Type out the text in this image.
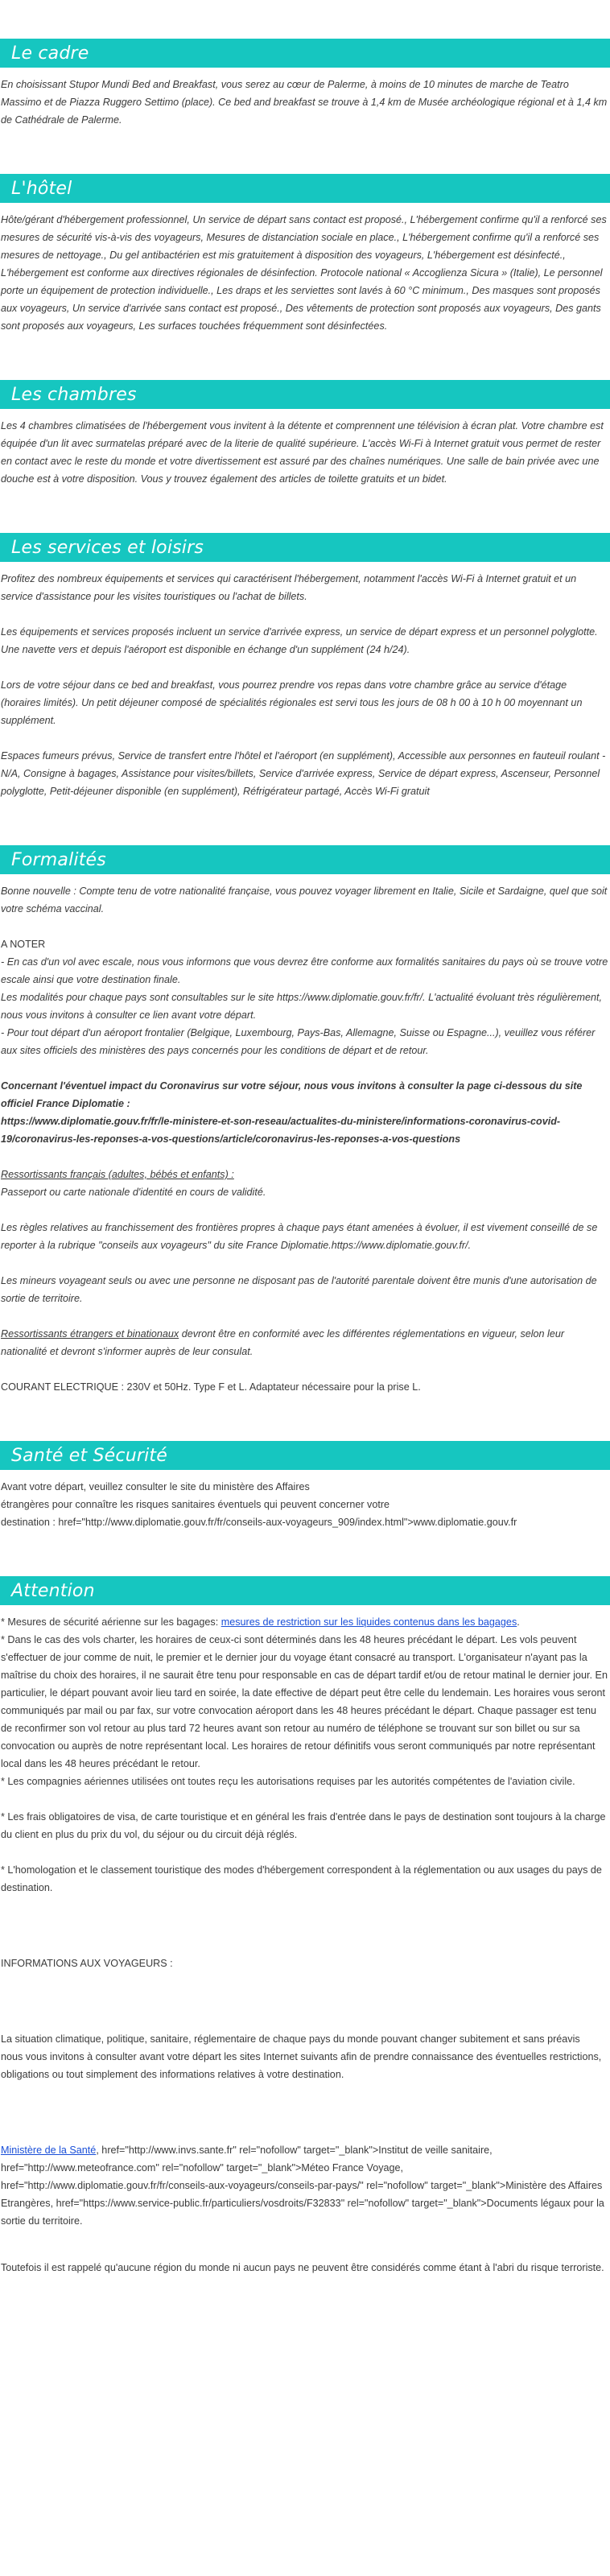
Le cadre

En choisissant Stupor Mundi Bed and Breakfast, vous serez au cœur de Palerme, à moins de 10 minutes de marche de Teatro Massimo et de Piazza Ruggero Settimo (place). Ce bed and breakfast se trouve à 1,4 km de Musée archéologique régional et à 1,4 km de Cathédrale de Palerme.

L'hôtel

Hôte/gérant d'hébergement professionnel, Un service de départ sans contact est proposé., L'hébergement confirme qu'il a renforcé ses mesures de sécurité vis-à-vis des voyageurs, Mesures de distanciation sociale en place., L'hébergement confirme qu'il a renforcé ses mesures de nettoyage., Du gel antibactérien est mis gratuitement à disposition des voyageurs, L'hébergement est désinfecté., L'hébergement est conforme aux directives régionales de désinfection. Protocole national « Accoglienza Sicura » (Italie), Le personnel porte un équipement de protection individuelle., Les draps et les serviettes sont lavés à 60 °C minimum., Des masques sont proposés aux voyageurs, Un service d'arrivée sans contact est proposé., Des vêtements de protection sont proposés aux voyageurs, Des gants sont proposés aux voyageurs, Les surfaces touchées fréquemment sont désinfectées.

Les chambres

Les 4 chambres climatisées de l'hébergement vous invitent à la détente et comprennent une télévision à écran plat. Votre chambre est équipée d'un lit avec surmatelas préparé avec de la literie de qualité supérieure. L'accès Wi-Fi à Internet gratuit vous permet de rester en contact avec le reste du monde et votre divertissement est assuré par des chaînes numériques. Une salle de bain privée avec une douche est à votre disposition. Vous y trouvez également des articles de toilette gratuits et un bidet.

Les services et loisirs

Profitez des nombreux équipements et services qui caractérisent l'hébergement, notamment l'accès Wi-Fi à Internet gratuit et un service d'assistance pour les visites touristiques ou l'achat de billets.

Les équipements et services proposés incluent un service d'arrivée express, un service de départ express et un personnel polyglotte. Une navette vers et depuis l'aéroport est disponible en échange d'un supplément (24 h/24).

Lors de votre séjour dans ce bed and breakfast, vous pourrez prendre vos repas dans votre chambre grâce au service d'étage (horaires limités). Un petit déjeuner composé de spécialités régionales est servi tous les jours de 08 h 00 à 10 h 00 moyennant un supplément.

Espaces fumeurs prévus, Service de transfert entre l'hôtel et l'aéroport (en supplément), Accessible aux personnes en fauteuil roulant - N/A, Consigne à bagages, Assistance pour visites/billets, Service d'arrivée express, Service de départ express, Ascenseur, Personnel polyglotte, Petit-déjeuner disponible (en supplément), Réfrigérateur partagé, Accès Wi-Fi gratuit

Formalités

Bonne nouvelle : Compte tenu de votre nationalité française, vous pouvez voyager librement en Italie, Sicile et Sardaigne, quel que soit votre schéma vaccinal.

A NOTER
- En cas d'un vol avec escale, nous vous informons que vous devrez être conforme aux formalités sanitaires du pays où se trouve votre escale ainsi que votre destination finale.
Les modalités pour chaque pays sont consultables sur le site https://www.diplomatie.gouv.fr/fr/. L'actualité évoluant très régulièrement, nous vous invitons à consulter ce lien avant votre départ.
- Pour tout départ d'un aéroport frontalier (Belgique, Luxembourg, Pays-Bas, Allemagne, Suisse ou Espagne...), veuillez vous référer aux sites officiels des ministères des pays concernés pour les conditions de départ et de retour.

Concernant l'éventuel impact du Coronavirus sur votre séjour, nous vous invitons à consulter la page ci-dessous du site officiel France Diplomatie :
https://www.diplomatie.gouv.fr/fr/le-ministere-et-son-reseau/actualites-du-ministere/informations-coronavirus-covid-19/coronavirus-les-reponses-a-vos-questions/article/coronavirus-les-reponses-a-vos-questions

Ressortissants français (adultes, bébés et enfants) :
Passeport ou carte nationale d'identité en cours de validité.

Les règles relatives au franchissement des frontières propres à chaque pays étant amenées à évoluer, il est vivement conseillé de se reporter à la rubrique "conseils aux voyageurs" du site France Diplomatie.https://www.diplomatie.gouv.fr/.

Les mineurs voyageant seuls ou avec une personne ne disposant pas de l'autorité parentale doivent être munis d'une autorisation de sortie de territoire.

Ressortissants étrangers et binationaux devront être en conformité avec les différentes réglementations en vigueur, selon leur nationalité et devront s'informer auprès de leur consulat.

COURANT ELECTRIQUE : 230V et 50Hz. Type F et L. Adaptateur nécessaire pour la prise L.

Santé et Sécurité

Avant votre départ, veuillez consulter le site du ministère des Affaires
étrangères pour connaître les risques sanitaires éventuels qui peuvent concerner votre
destination : href="http://www.diplomatie.gouv.fr/fr/conseils-aux-voyageurs_909/index.html">www.diplomatie.gouv.fr

Attention

* Mesures de sécurité aérienne sur les bagages: mesures de restriction sur les liquides contenus dans les bagages.
* Dans le cas des vols charter, les horaires de ceux-ci sont déterminés dans les 48 heures précédant le départ. Les vols peuvent s'effectuer de jour comme de nuit, le premier et le dernier jour du voyage étant consacré au transport. L'organisateur n'ayant pas la maîtrise du choix des horaires, il ne saurait être tenu pour responsable en cas de départ tardif et/ou de retour matinal le dernier jour. En particulier, le départ pouvant avoir lieu tard en soirée, la date effective de départ peut être celle du lendemain. Les horaires vous seront communiqués par mail ou par fax, sur votre convocation aéroport dans les 48 heures précédant le départ. Chaque passager est tenu de reconfirmer son vol retour au plus tard 72 heures avant son retour au numéro de téléphone se trouvant sur son billet ou sur sa convocation ou auprès de notre représentant local. Les horaires de retour définitifs vous seront communiqués par notre représentant local dans les 48 heures précédant le retour.
* Les compagnies aériennes utilisées ont toutes reçu les autorisations requises par les autorités compétentes de l'aviation civile.

* Les frais obligatoires de visa, de carte touristique et en général les frais d'entrée dans le pays de destination sont toujours à la charge du client en plus du prix du vol, du séjour ou du circuit déjà réglés.

* L'homologation et le classement touristique des modes d'hébergement correspondent à la réglementation ou aux usages du pays de destination.

INFORMATIONS AUX VOYAGEURS :

La situation climatique, politique, sanitaire, réglementaire de chaque pays du monde pouvant changer subitement et sans préavis
nous vous invitons à consulter avant votre départ les sites Internet suivants afin de prendre connaissance des éventuelles restrictions, obligations ou tout simplement des informations relatives à votre destination.

Ministère de la Santé, href="http://www.invs.sante.fr" rel="nofollow" target="_blank">Institut de veille sanitaire, href="http://www.meteofrance.com" rel="nofollow" target="_blank">Méteo France Voyage, href="http://www.diplomatie.gouv.fr/fr/conseils-aux-voyageurs/conseils-par-pays/" rel="nofollow" target="_blank">Ministère des Affaires Etrangères, href="https://www.service-public.fr/particuliers/vosdroits/F32833" rel="nofollow" target="_blank">Documents légaux pour la sortie du territoire.

Toutefois il est rappelé qu'aucune région du monde ni aucun pays ne peuvent être considérés comme étant à l'abri du risque terroriste.
